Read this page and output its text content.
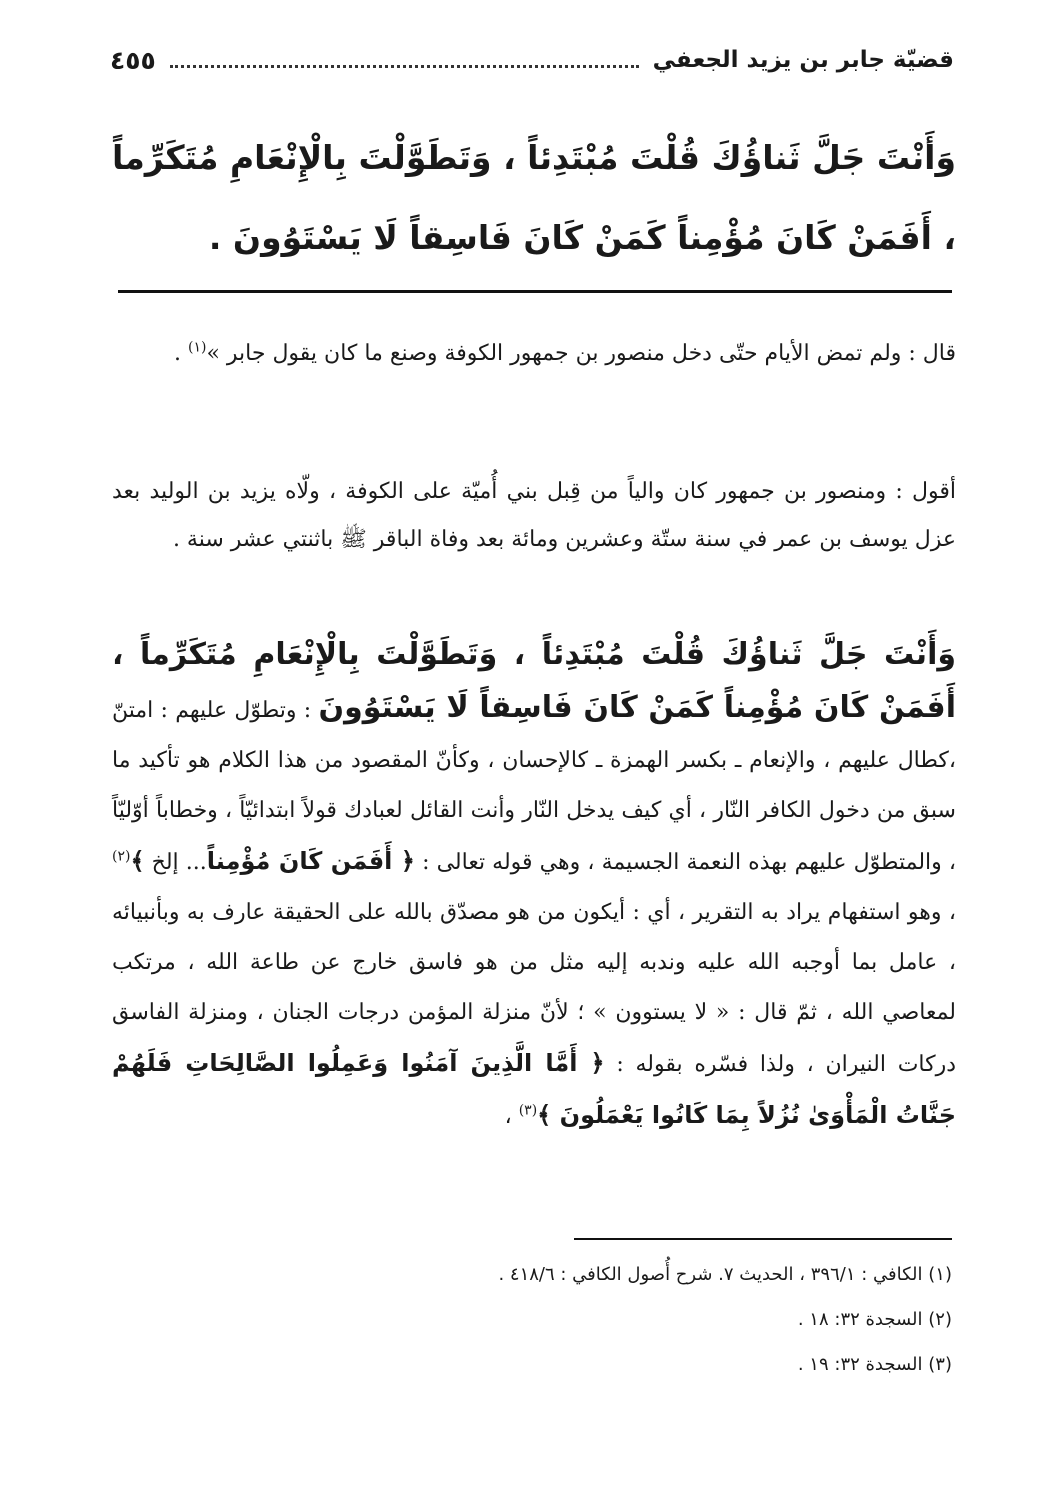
قضيّة جابر بن يزيد الجعفي
٤٥٥
وَأَنْتَ جَلَّ ثَناؤُكَ قُلْتَ مُبْتَدِئاً ، وَتَطَوَّلْتَ بِالْإِنْعَامِ مُتَكَرِّماً ، أَفَمَنْ كَانَ مُؤْمِناً كَمَنْ كَانَ فَاسِقاً لَا يَسْتَوُونَ .
قال : ولم تمض الأيام حتّى دخل منصور بن جمهور الكوفة وصنع ما كان يقول جابر »$^{(١)}$ .
أقول : ومنصور بن جمهور كان والياً من قِبل بني أُميّة على الكوفة ، ولّاه يزيد بن الوليد بعد عزل يوسف بن عمر في سنة ستّة وعشرين ومائة بعد وفاة الباقر ﷺ باثنتي عشر سنة .
وَأَنْتَ جَلَّ ثَناؤُكَ قُلْتَ مُبْتَدِئاً ، وَتَطَوَّلْتَ بِالْإِنْعَامِ مُتَكَرِّماً ، أَفَمَنْ كَانَ مُؤْمِناً كَمَنْ كَانَ فَاسِقاً لَا يَسْتَوُونَ : وتطوّل عليهم : امتنّ ،كطال عليهم ، والإنعام ـ بكسر الهمزة ـ كالإحسان ، وكأنّ المقصود من هذا الكلام هو تأكيد ما سبق من دخول الكافر النّار ، أي كيف يدخل النّار وأنت القائل لعبادك قولاً ابتدائيّاً ، وخطاباً أوّليّاً ، والمتطوّل عليهم بهذه النعمة الجسيمة ، وهي قوله تعالى : ﴿ أَفَمَن كَانَ مُؤْمِناً... إلخ ﴾$^{(٢)}$ ، وهو استفهام يراد به التقرير ، أي : أيكون من هو مصدّق بالله على الحقيقة عارف به وبأنبيائه ، عامل بما أوجبه الله عليه وندبه إليه مثل من هو فاسق خارج عن طاعة الله ، مرتكب لمعاصي الله ، ثمّ قال : « لا يستوون » ؛ لأنّ منزلة المؤمن درجات الجنان ، ومنزلة الفاسق دركات النيران ، ولذا فسّره بقوله : ﴿ أَمَّا الَّذِينَ آمَنُوا وَعَمِلُوا الصَّالِحَاتِ فَلَهُمْ جَنَّاتُ الْمَأْوَىٰ نُزُلاً بِمَا كَانُوا يَعْمَلُونَ ﴾$^{(٣)}$ ،
(١) الكافي : ٣٩٦/١ ، الحديث ٧. شرح أُصول الكافي : ٤١٨/٦ .
(٢) السجدة ٣٢: ١٨ .
(٣) السجدة ٣٢: ١٩ .
